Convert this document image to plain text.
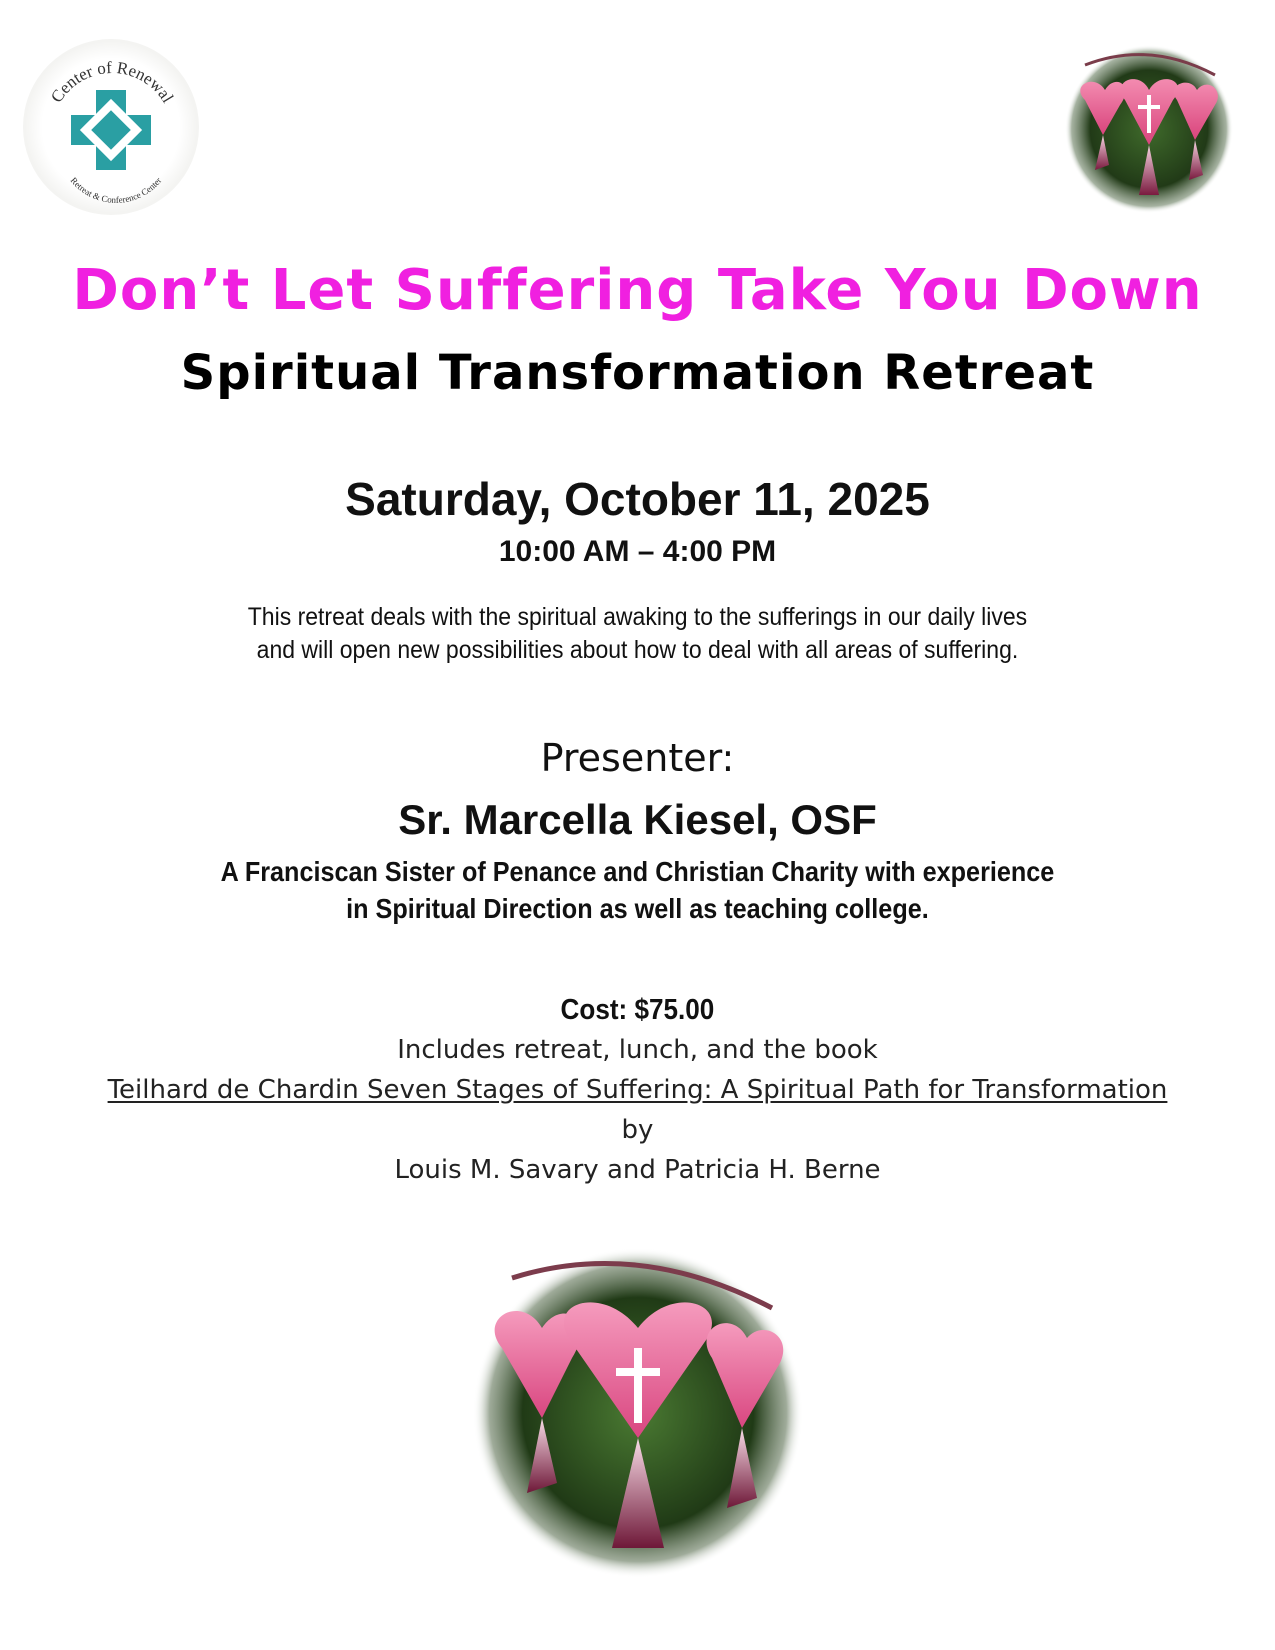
Center of Renewal
Retreat & Conference Center
Don’t Let Suffering Take You Down
Spiritual Transformation Retreat
Saturday, October 11, 2025
10:00 AM – 4:00 PM
This retreat deals with the spiritual awaking to the sufferings in our daily lives
and will open new possibilities about how to deal with all areas of suffering.
Presenter:
Sr. Marcella Kiesel, OSF
A Franciscan Sister of Penance and Christian Charity with experience
in Spiritual Direction as well as teaching college.
Cost: $75.00
Includes retreat, lunch, and the book
Teilhard de Chardin Seven Stages of Suffering: A Spiritual Path for Transformation
by
Louis M. Savary and Patricia H. Berne
